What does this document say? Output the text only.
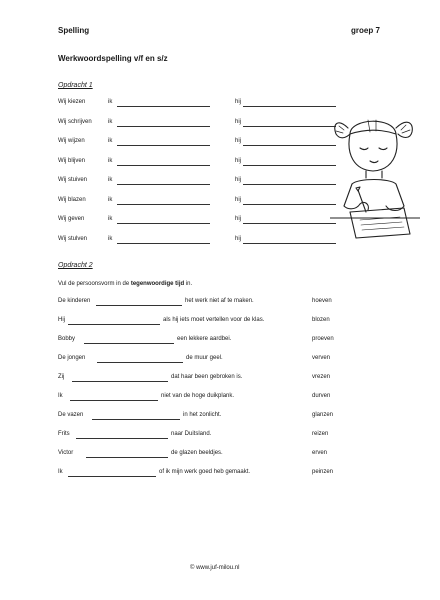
Spelling	groep 7
Werkwoordspelling v/f en s/z
Opdracht 1
Wij kiezen	ik	hij
Wij schrijven	ik	hij
Wij wijzen	ik	hij
Wij blijven	ik	hij
Wij stuiven	ik	hij
Wij blazen	ik	hij
Wij geven	ik	hij
Wij stulven	ik	hij
Opdracht 2
Vul de persoonsvorm in de tegenwoordige tijd in.
De kinderen	het werk niet af te maken.	hoeven
Hij	als hij iets moet vertellen voor de klas.	blozen
Bobby	een lekkere aardbei.	proeven
De jongen	de muur geel.	verven
Zij	dat haar been gebroken is.	vrezen
Ik	niet van de hoge duikplank.	durven
De vazen	in het zonlicht.	glanzen
Frits	naar Duitsland.	reizen
Victor	de glazen beeldjes.	erven
Ik	of ik mijn werk goed heb gemaakt.	peinzen
© www.juf-milou.nl
